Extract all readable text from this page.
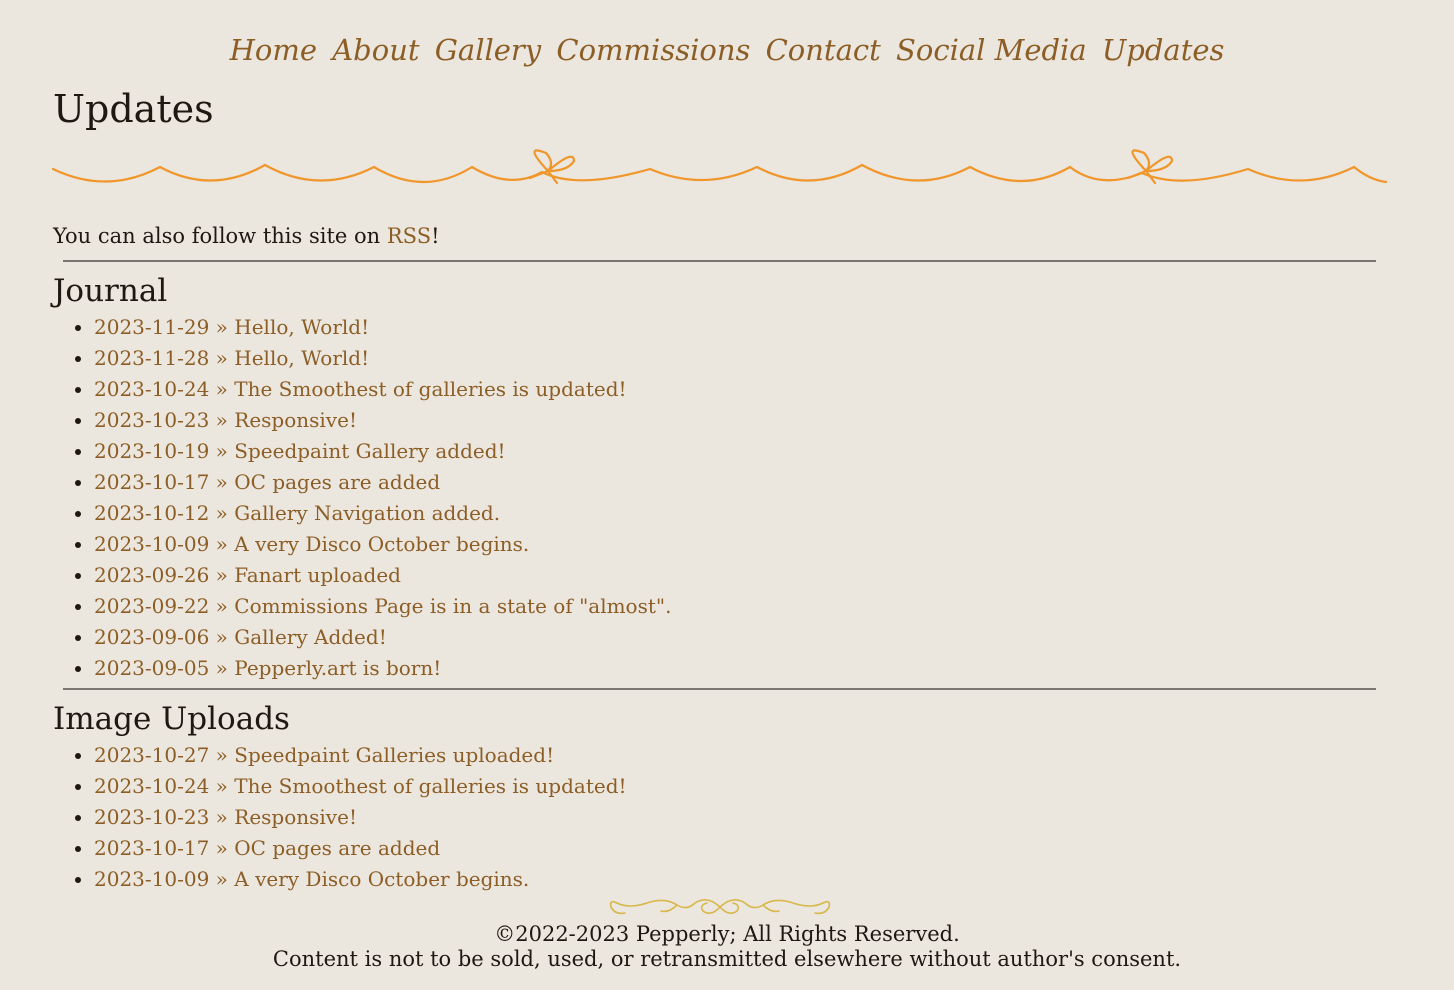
Home About Gallery Commissions Contact Social Media Updates
Updates

You can also follow this site on RSS!

Journal
• 2023-11-29 » Hello, World!
• 2023-11-28 » Hello, World!
• 2023-10-24 » The Smoothest of galleries is updated!
• 2023-10-23 » Responsive!
• 2023-10-19 » Speedpaint Gallery added!
• 2023-10-17 » OC pages are added
• 2023-10-12 » Gallery Navigation added.
• 2023-10-09 » A very Disco October begins.
• 2023-09-26 » Fanart uploaded
• 2023-09-22 » Commissions Page is in a state of "almost".
• 2023-09-06 » Gallery Added!
• 2023-09-05 » Pepperly.art is born!
Image Uploads
• 2023-10-27 » Speedpaint Galleries uploaded!
• 2023-10-24 » The Smoothest of galleries is updated!
• 2023-10-23 » Responsive!
• 2023-10-17 » OC pages are added
• 2023-10-09 » A very Disco October begins.
©2022-2023 Pepperly; All Rights Reserved.
Content is not to be sold, used, or retransmitted elsewhere without author's consent.
